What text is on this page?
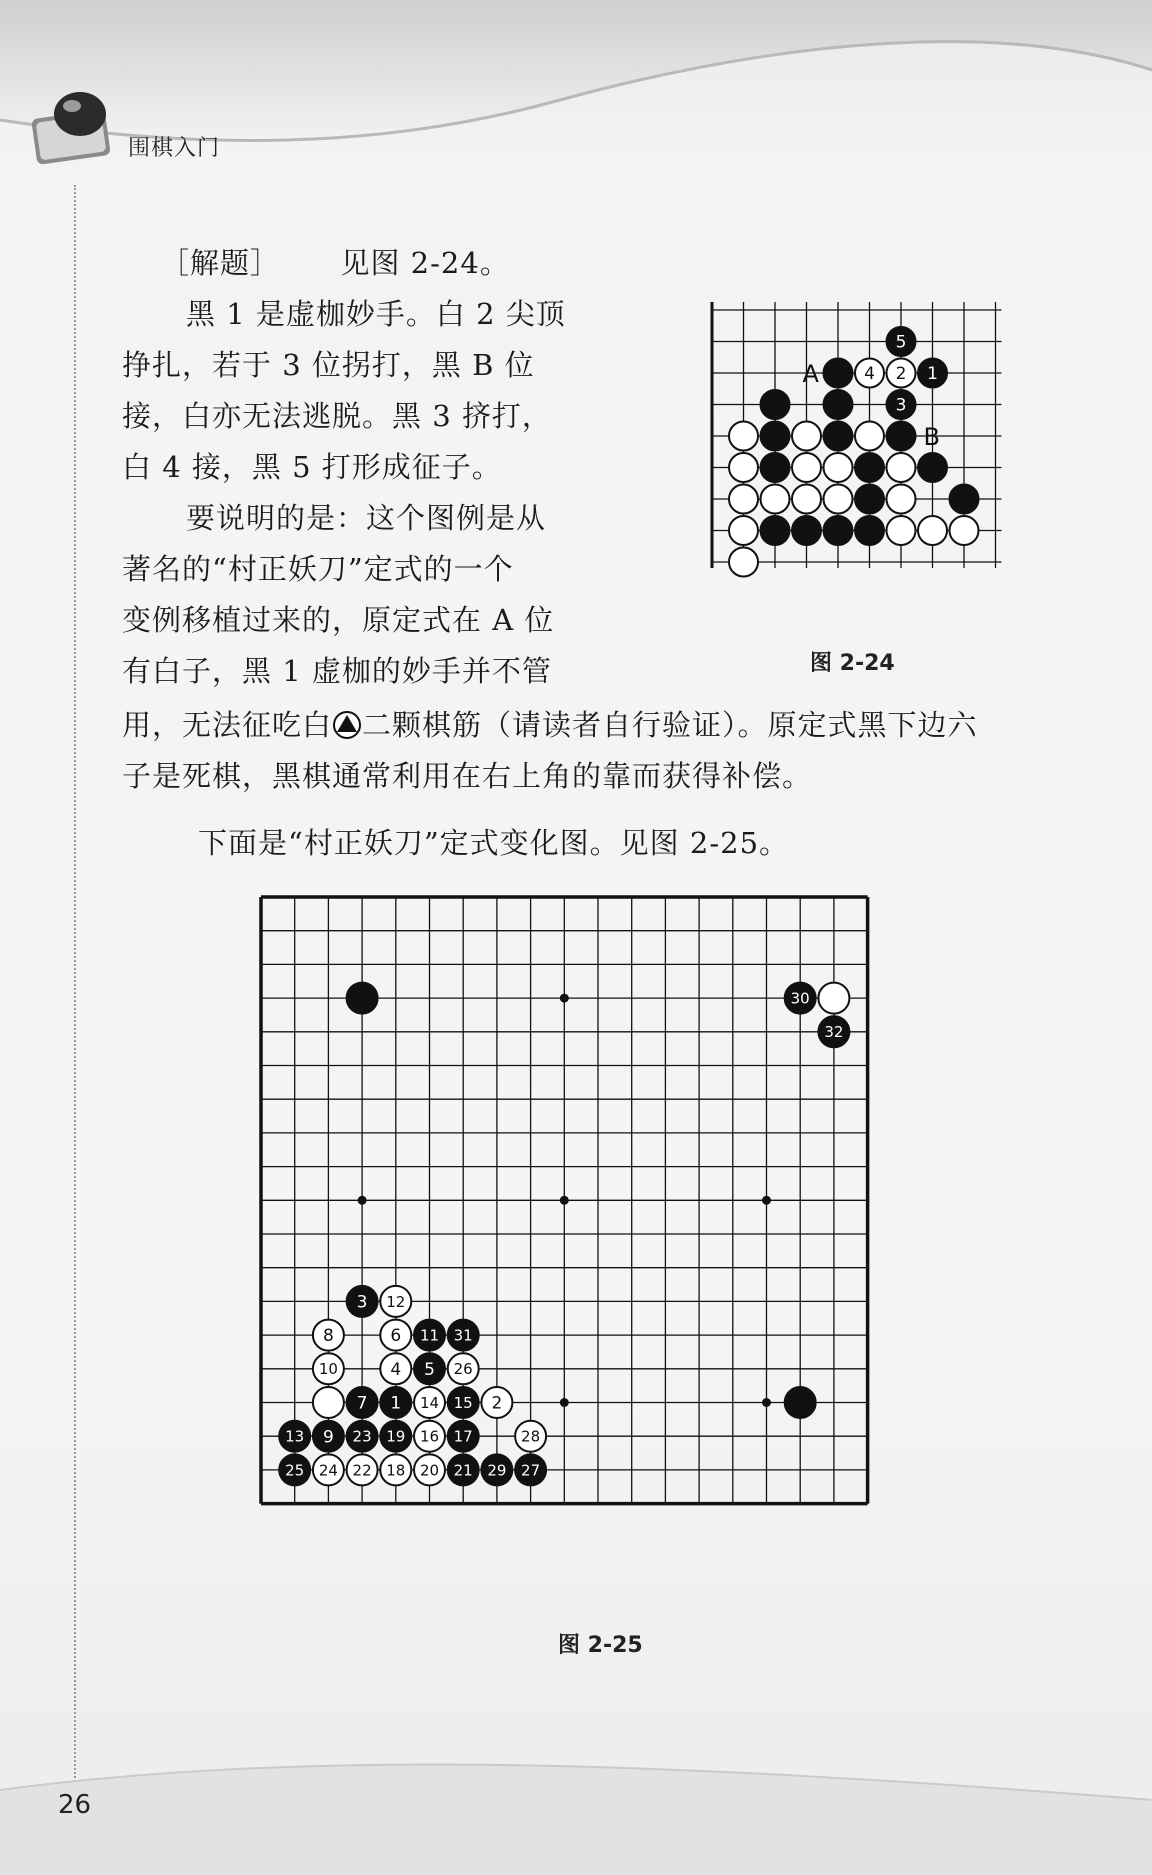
围棋入门

［解题］ 见图 2-24。

黑 1 是虚枷妙手。白 2 尖顶

挣扎，若于 3 位拐打，黑 B 位

接，白亦无法逃脱。黑 3 挤打，

白 4 接，黑 5 打形成征子。

要说明的是：这个图例是从

著名的“村正妖刀”定式的一个

变例移植过来的，原定式在 A 位

有白子，黑 1 虚枷的妙手并不管

用，无法征吃白 二颗棋筋（请读者自行验证）。原定式黑下边六

子是死棋，黑棋通常利用在右上角的靠而获得补偿。

下面是“村正妖刀”定式变化图。见图 2-25。

5
4 2 1
3
A
B
图 2-24
30
32
3 12
8	6 11 31
10	4 5 26
7 1 14 15 2
13 9 23 19 16 17	28
25 24 22 18 20 21 29 27
图 2-25
26
